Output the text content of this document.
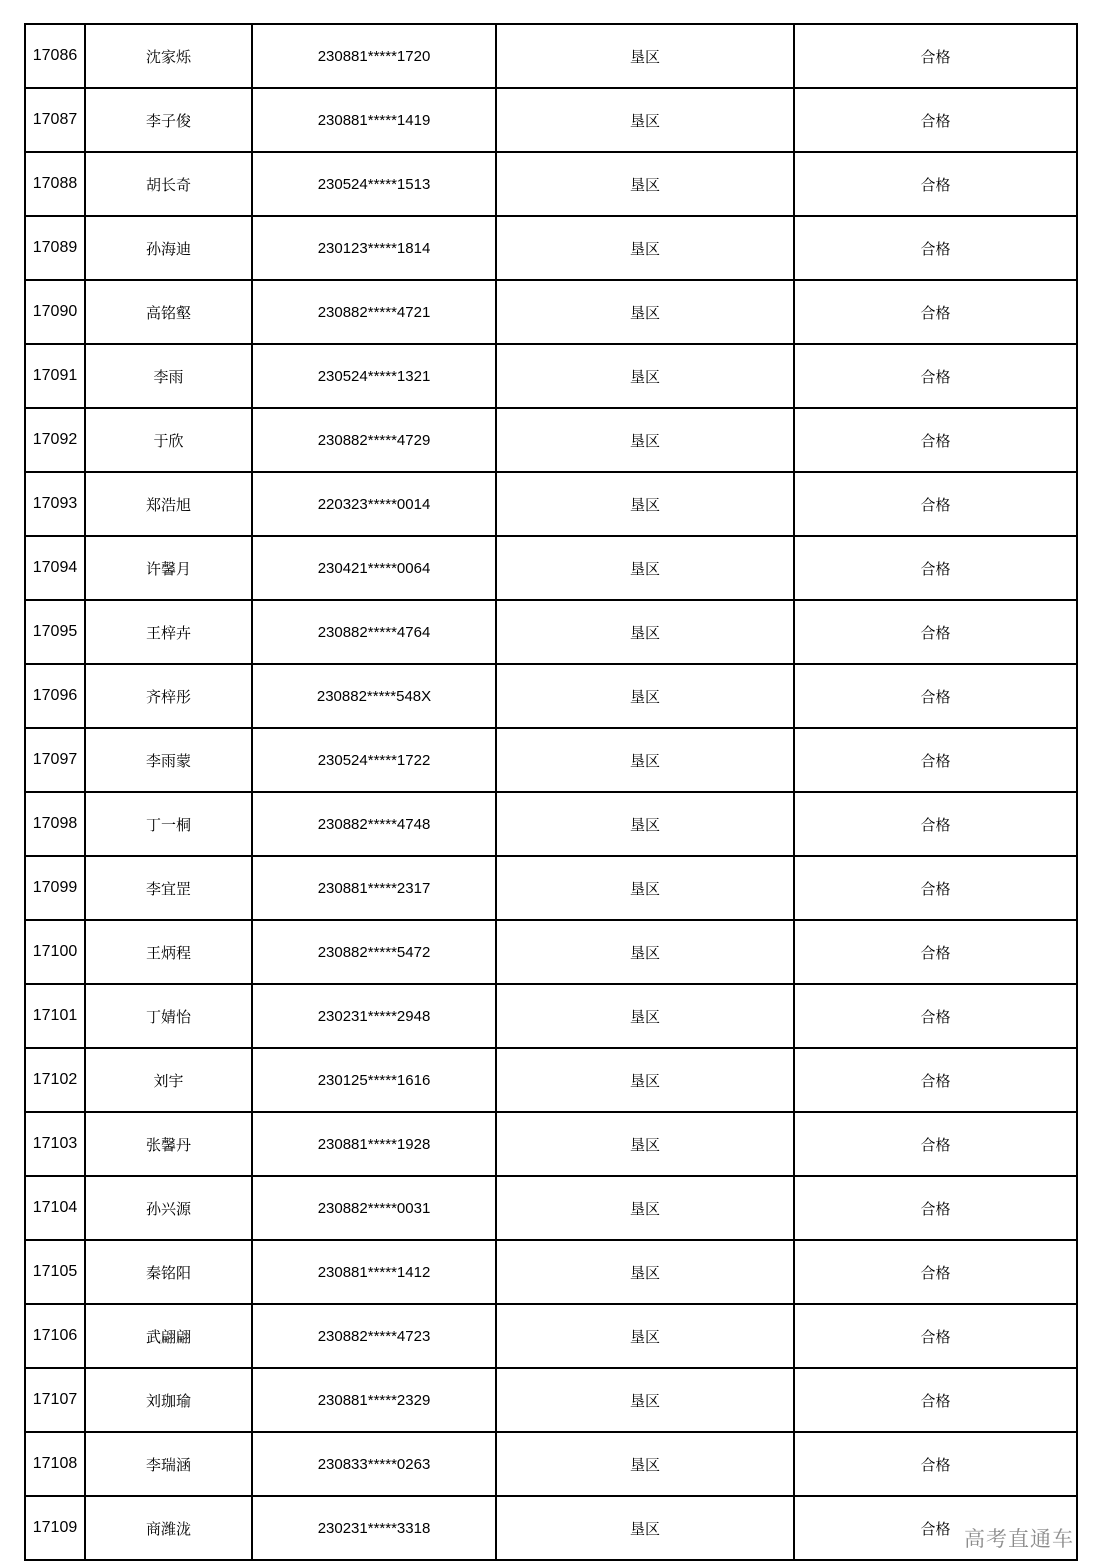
17086	沈家烁	230881*****1720	垦区	合格
17087	李子俊	230881*****1419	垦区	合格
17088	胡长奇	230524*****1513	垦区	合格
17089	孙海迪	230123*****1814	垦区	合格
17090	高铭壑	230882*****4721	垦区	合格
17091	李雨	230524*****1321	垦区	合格
17092	于欣	230882*****4729	垦区	合格
17093	郑浩旭	220323*****0014	垦区	合格
17094	许馨月	230421*****0064	垦区	合格
17095	王梓卉	230882*****4764	垦区	合格
17096	齐梓彤	230882*****548X	垦区	合格
17097	李雨蒙	230524*****1722	垦区	合格
17098	丁一桐	230882*****4748	垦区	合格
17099	李宜罡	230881*****2317	垦区	合格
17100	王炳程	230882*****5472	垦区	合格
17101	丁婧怡	230231*****2948	垦区	合格
17102	刘宇	230125*****1616	垦区	合格
17103	张馨丹	230881*****1928	垦区	合格
17104	孙兴源	230882*****0031	垦区	合格
17105	秦铭阳	230881*****1412	垦区	合格
17106	武翩翩	230882*****4723	垦区	合格
17107	刘珈瑜	230881*****2329	垦区	合格
17108	李瑞涵	230833*****0263	垦区	合格
17109	商潍泷	230231*****3318	垦区	合格 高考直通车
